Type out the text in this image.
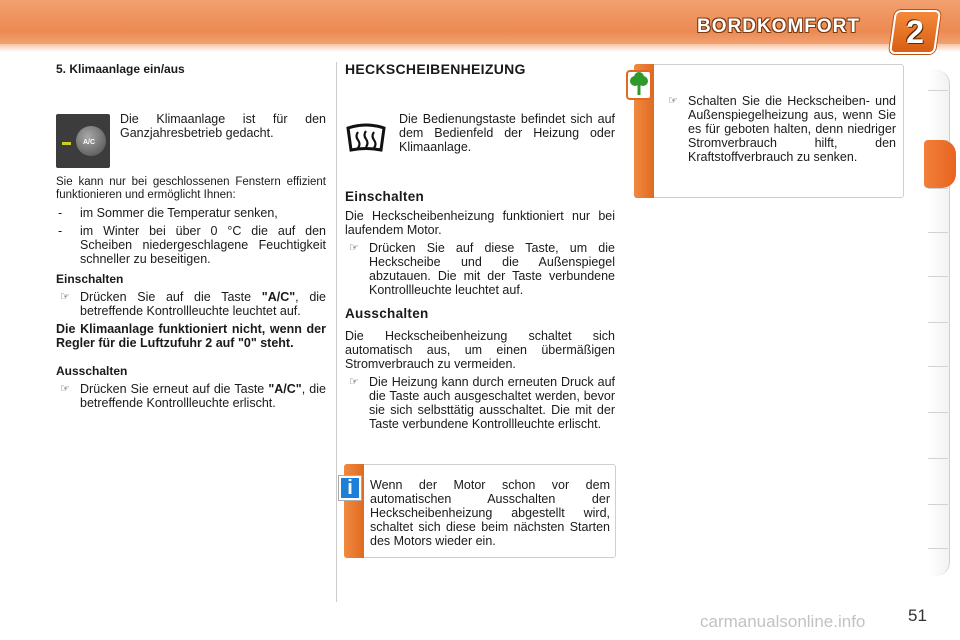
BORDKOMFORT	2
5. Klimaanlage ein/aus
A/C
Die Klimaanlage ist für den Ganzjahresbetrieb gedacht.
Sie kann nur bei geschlossenen Fenstern effizient funktionieren und ermöglicht Ihnen:
-	im Sommer die Temperatur senken,
-	im Winter bei über 0 °C die auf den Scheiben niedergeschlagene Feuchtigkeit schneller zu beseitigen.
Einschalten
☞ Drücken Sie auf die Taste "A/C", die betreffende Kontrollleuchte leuchtet auf.
Die Klimaanlage funktioniert nicht, wenn der Regler für die Luftzufuhr 2 auf "0" steht.
Ausschalten
☞ Drücken Sie erneut auf die Taste "A/C", die betreffende Kontrollleuchte erlischt.
HECKSCHEIBENHEIZUNG
Die Bedienungstaste befindet sich auf dem Bedienfeld der Heizung oder Klimaanlage.
Einschalten
Die Heckscheibenheizung funktioniert nur bei laufendem Motor.
☞ Drücken Sie auf diese Taste, um die Heckscheibe und die Außenspiegel abzutauen. Die mit der Taste verbundene Kontrollleuchte leuchtet auf.
Ausschalten
Die Heckscheibenheizung schaltet sich automatisch aus, um einen übermäßigen Stromverbrauch zu vermeiden.
☞ Die Heizung kann durch erneuten Druck auf die Taste auch ausgeschaltet werden, bevor sie sich selbsttätig ausschaltet. Die mit der Taste verbundene Kontrollleuchte erlischt.
☞ Schalten Sie die Heckscheiben- und Außenspiegelheizung aus, wenn Sie es für geboten halten, denn niedriger Stromverbrauch hilft, den Kraftstoffverbrauch zu senken.
i	Wenn der Motor schon vor dem automatischen Ausschalten der Heckscheibenheizung abgestellt wird, schaltet sich diese beim nächsten Starten des Motors wieder ein.
carmanualsonline.info	51
